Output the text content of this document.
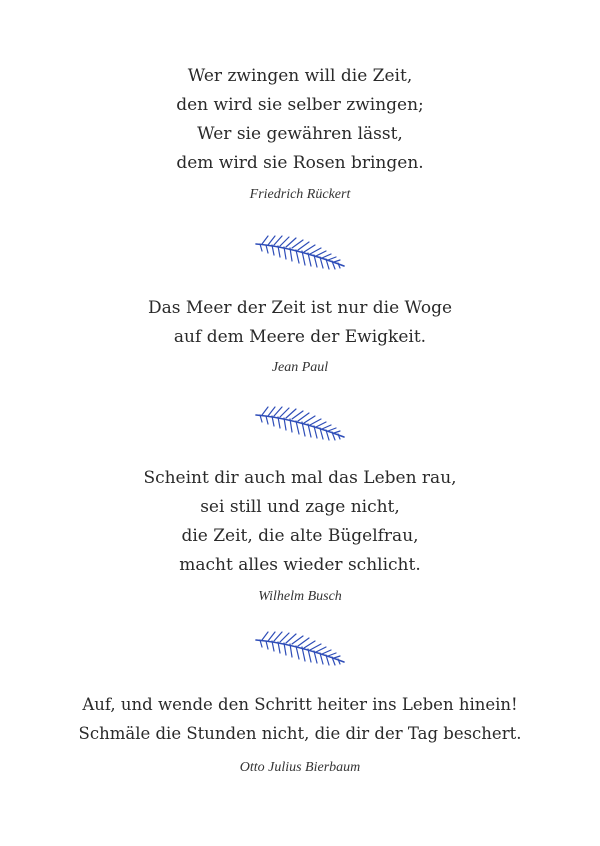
Wer zwingen will die Zeit,
den wird sie selber zwingen;
Wer sie gewähren lässt,
dem wird sie Rosen bringen.
Friedrich Rückert
Das Meer der Zeit ist nur die Woge
auf dem Meere der Ewigkeit.
Jean Paul
Scheint dir auch mal das Leben rau,
sei still und zage nicht,
die Zeit, die alte Bügelfrau,
macht alles wieder schlicht.
Wilhelm Busch
Auf, und wende den Schritt heiter ins Leben hinein!
Schmäle die Stunden nicht, die dir der Tag beschert.
Otto Julius Bierbaum
